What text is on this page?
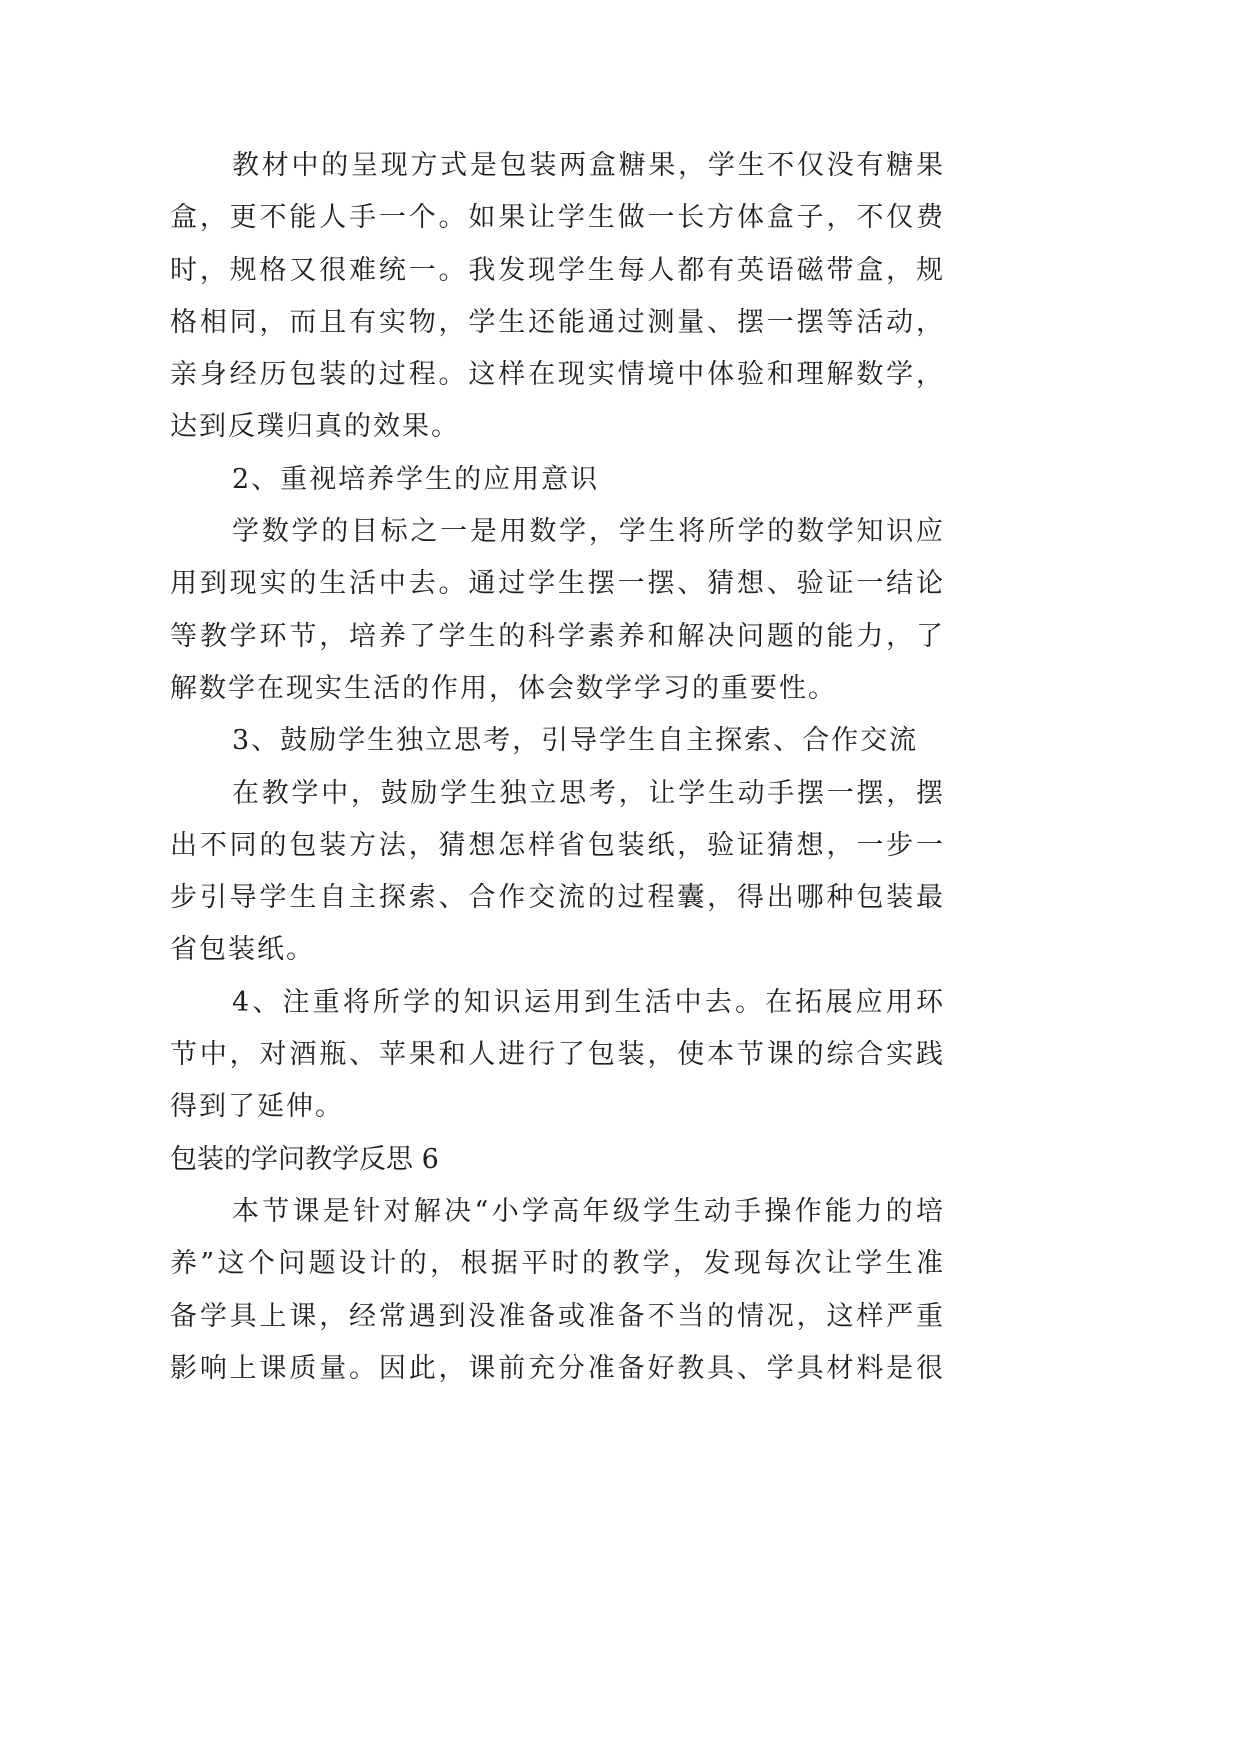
教材中的呈现方式是包装两盒糖果，学生不仅没有糖果
盒，更不能人手一个。如果让学生做一长方体盒子，不仅费
时，规格又很难统一。我发现学生每人都有英语磁带盒，规
格相同，而且有实物，学生还能通过测量、摆一摆等活动，
亲身经历包装的过程。这样在现实情境中体验和理解数学，
达到反璞归真的效果。
2、重视培养学生的应用意识
学数学的目标之一是用数学，学生将所学的数学知识应
用到现实的生活中去。通过学生摆一摆、猜想、验证一结论
等教学环节，培养了学生的科学素养和解决问题的能力，了
解数学在现实生活的作用，体会数学学习的重要性。
3、鼓励学生独立思考，引导学生自主探索、合作交流
在教学中，鼓励学生独立思考，让学生动手摆一摆，摆
出不同的包装方法，猜想怎样省包装纸，验证猜想，一步一
步引导学生自主探索、合作交流的过程囊，得出哪种包装最
省包装纸。
4、注重将所学的知识运用到生活中去。在拓展应用环
节中，对酒瓶、苹果和人进行了包装，使本节课的综合实践
得到了延伸。
包装的学问教学反思 6
本节课是针对解决“小学高年级学生动手操作能力的培
养”这个问题设计的，根据平时的教学，发现每次让学生准
备学具上课，经常遇到没准备或准备不当的情况，这样严重
影响上课质量。因此，课前充分准备好教具、学具材料是很
